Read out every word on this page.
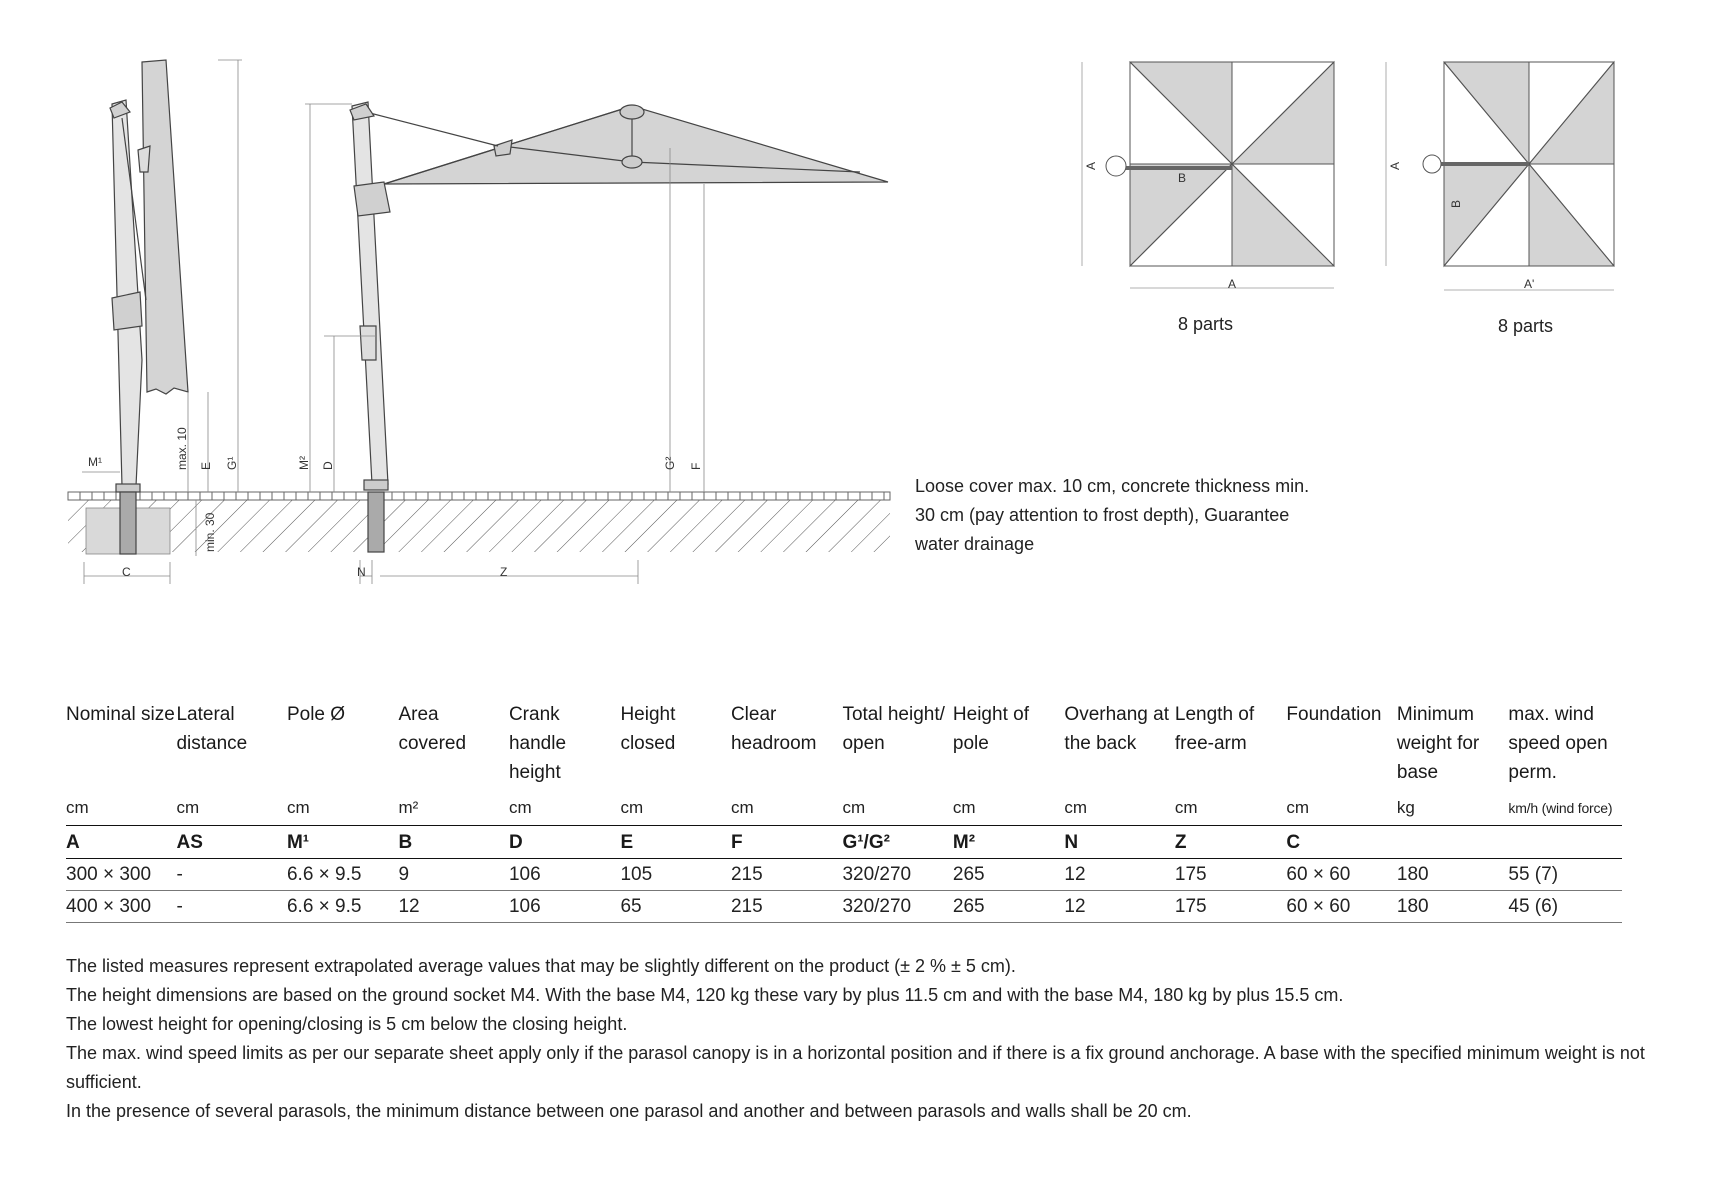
M¹	max. 10 E G¹
min. 30
C
M² D	G² F
N	Z
A
B
A
A
B
A'
8 parts	8 parts
Loose cover max. 10 cm, concrete thickness min. 30 cm (pay attention to frost depth), Guarantee water drainage
Nominal size	Lateral distance	Pole Ø	Area covered	Crank handle height	Height closed	Clear headroom	Total height/ open	Height of pole	Overhang at the back	Length of free-arm	Foundation	Minimum weight for base	max. wind speed open perm.
cm	cm	cm	m²	cm	cm	cm	cm	cm	cm	cm	cm	kg	km/h (wind force)
A	AS	M¹	B	D	E	F	G¹/G²	M²	N	Z	C		
300 × 300	-	6.6 × 9.5	9	106	105	215	320/270	265	12	175	60 × 60	180	55 (7)
400 × 300	-	6.6 × 9.5	12	106	65	215	320/270	265	12	175	60 × 60	180	45 (6)

The listed measures represent extrapolated average values that may be slightly different on the product (± 2 % ± 5 cm).

The height dimensions are based on the ground socket M4. With the base M4, 120 kg these vary by plus 11.5 cm and with the base M4, 180 kg by plus 15.5 cm.

The lowest height for opening/closing is 5 cm below the closing height.

The max. wind speed limits as per our separate sheet apply only if the parasol canopy is in a horizontal position and if there is a fix ground anchorage. A base with the specified minimum weight is not sufficient.

In the presence of several parasols, the minimum distance between one parasol and another and between parasols and walls shall be 20 cm.
